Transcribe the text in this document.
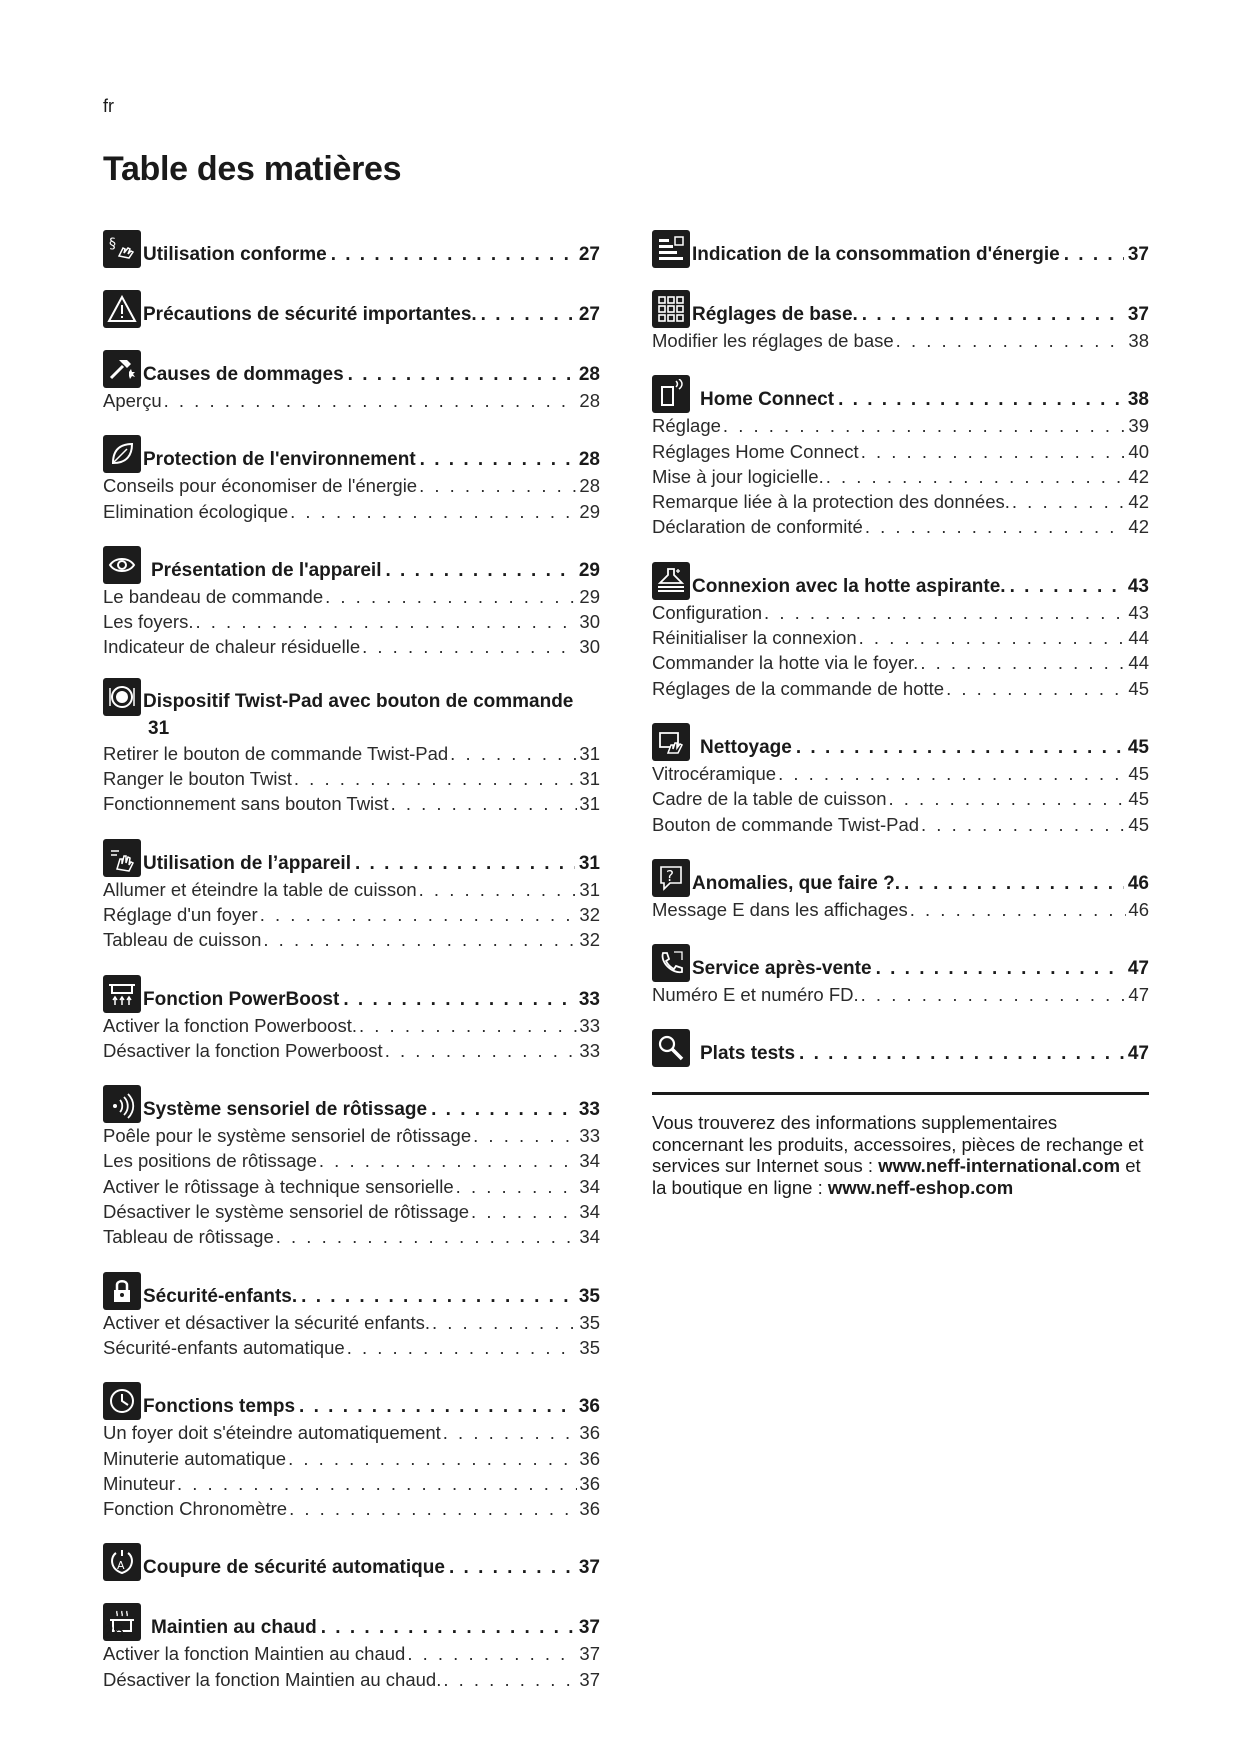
fr
Table des matières
§ Utilisation conforme . . .	27
Précautions de sécurité importantes. . . .	27
Causes de dommages . . .	28
Aperçu . . .	28
Protection de l'environnement . . .	28
Conseils pour économiser de l'énergie . . .	28
Elimination écologique . . .	29
Présentation de l'appareil . . .	29
Le bandeau de commande . . .	29
Les foyers. . . .	30
Indicateur de chaleur résiduelle . . .	30
Dispositif Twist-Pad avec bouton de commande
31
Retirer le bouton de commande Twist-Pad . . .	31
Ranger le bouton Twist . . .	31
Fonctionnement sans bouton Twist . . .	31
Utilisation de l’appareil . . .	31
Allumer et éteindre la table de cuisson . . .	31
Réglage d'un foyer . . .	32
Tableau de cuisson . . .	32
Fonction PowerBoost . . .	33
Activer la fonction Powerboost. . . .	33
Désactiver la fonction Powerboost . . .	33
Système sensoriel de rôtissage . . .	33
Poêle pour le système sensoriel de rôtissage . . .	33
Les positions de rôtissage . . .	34
Activer le rôtissage à technique sensorielle . . .	34
Désactiver le système sensoriel de rôtissage . . .	34
Tableau de rôtissage . . .	34
Sécurité-enfants. . . .	35
Activer et désactiver la sécurité enfants. . . .	35
Sécurité-enfants automatique . . .	35
Fonctions temps . . .	36
Un foyer doit s'éteindre automatiquement . . .	36
Minuterie automatique . . .	36
Minuteur . . .	36
Fonction Chronomètre . . .	36
A Coupure de sécurité automatique . . .	37
Maintien au chaud . . .	37
Activer la fonction Maintien au chaud . . .	37
Désactiver la fonction Maintien au chaud. . . .	37
Indication de la consommation d'énergie . . .	37
Réglages de base. . . .	37
Modifier les réglages de base . . .	38
Home Connect . . .	38
Réglage . . .	39
Réglages Home Connect . . .	40
Mise à jour logicielle. . . .	42
Remarque liée à la protection des données. . . .	42
Déclaration de conformité . . .	42
Connexion avec la hotte aspirante. . . .	43
Configuration . . .	43
Réinitialiser la connexion . . .	44
Commander la hotte via le foyer. . . .	44
Réglages de la commande de hotte . . .	45
Nettoyage . . .	45
Vitrocéramique . . .	45
Cadre de la table de cuisson . . .	45
Bouton de commande Twist-Pad . . .	45
? Anomalies, que faire ?. . . .	46
Message E dans les affichages . . .	46
Service après-vente . . .	47
Numéro E et numéro FD. . . .	47
Plats tests . . .	47
Vous trouverez des informations supplementaires concernant les produits, accessoires, pièces de rechange et services sur Internet sous : www.neff-international.com et la boutique en ligne : www.neff-eshop.com
26
